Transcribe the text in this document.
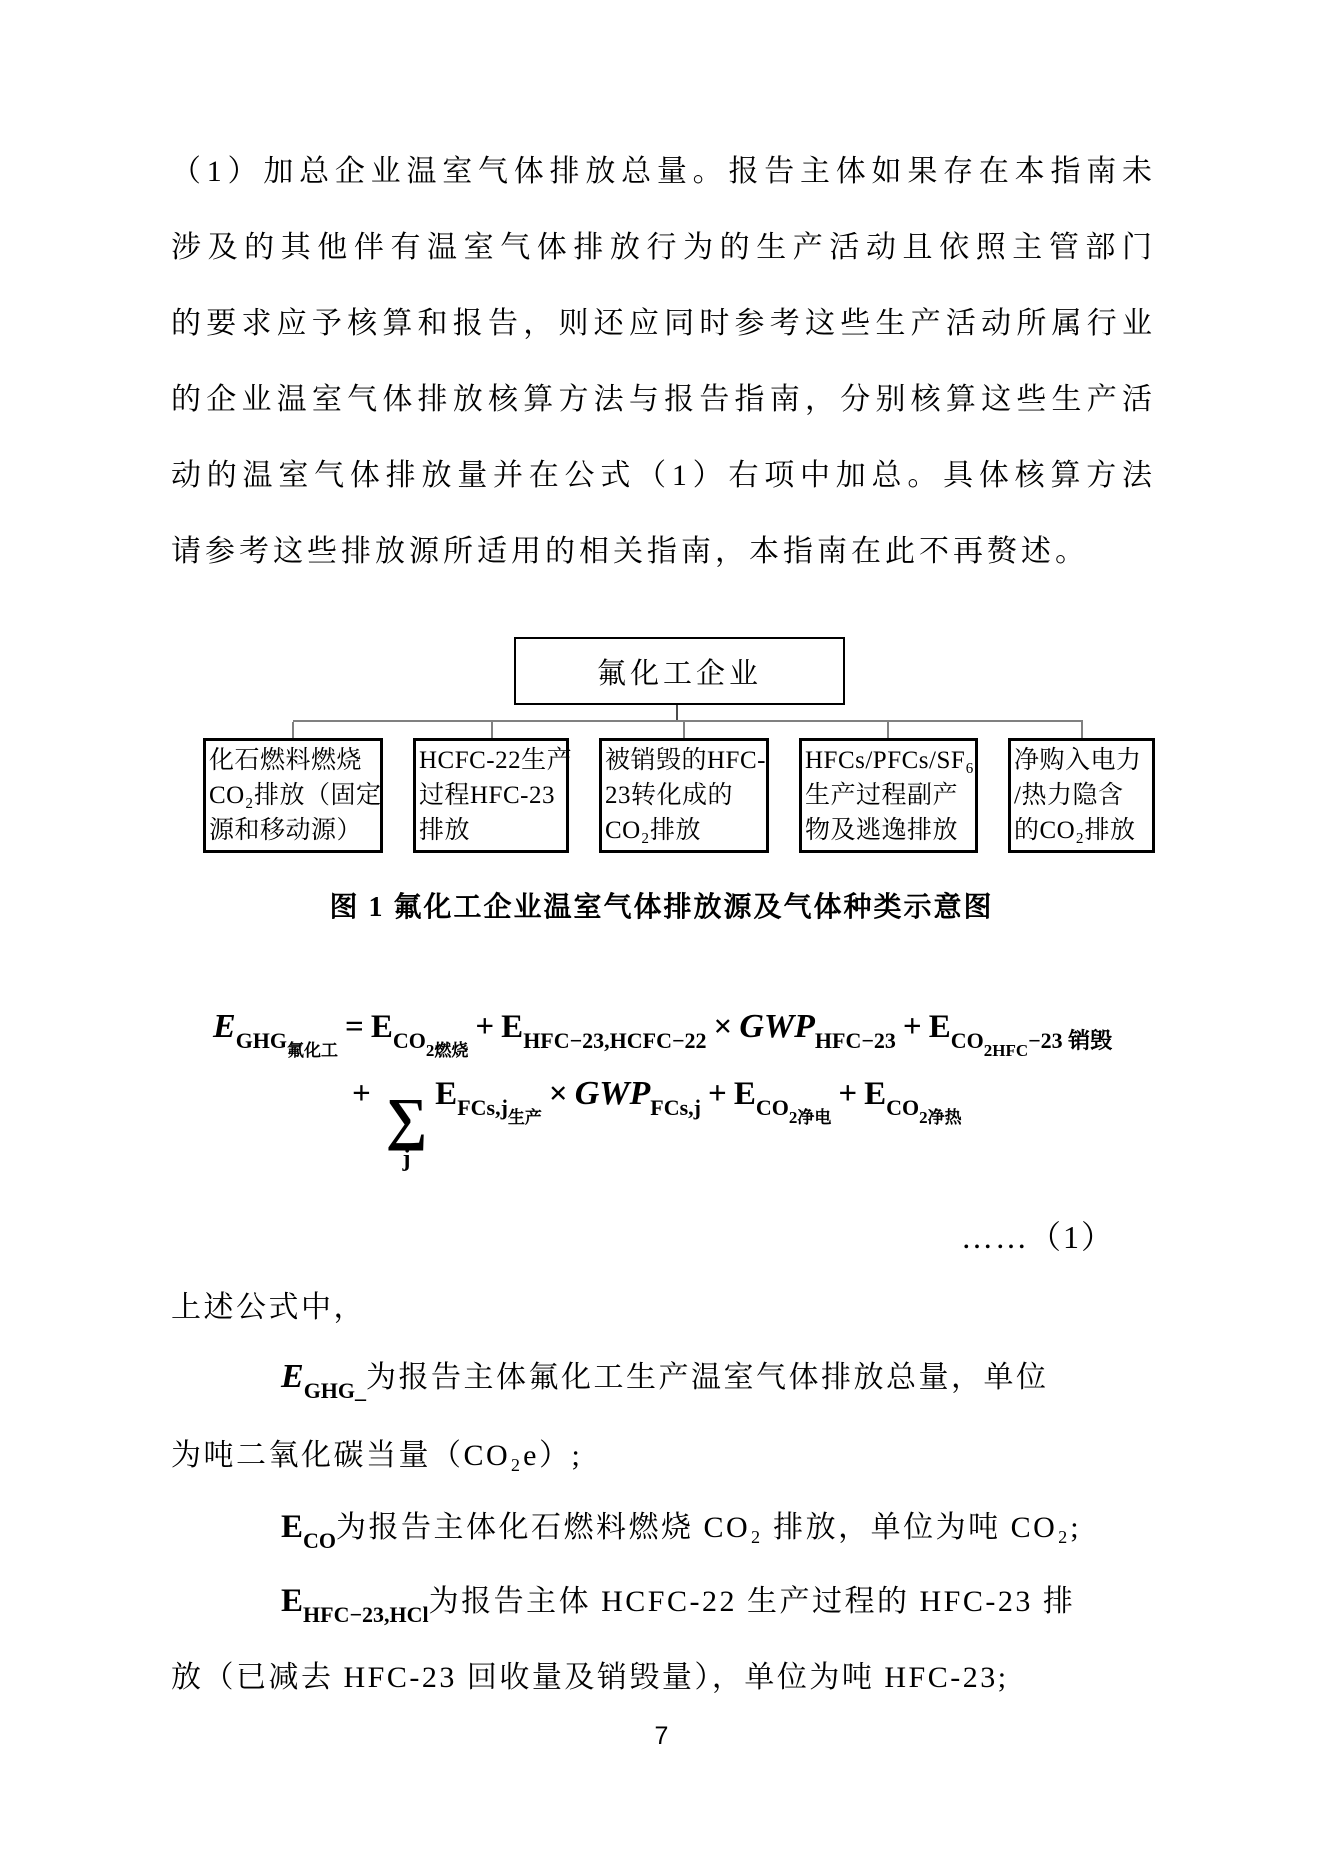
（1）加总企业温室气体排放总量。报告主体如果存在本指南未
涉及的其他伴有温室气体排放行为的生产活动且依照主管部门
的要求应予核算和报告，则还应同时参考这些生产活动所属行业
的企业温室气体排放核算方法与报告指南，分别核算这些生产活
动的温室气体排放量并在公式（1）右项中加总。具体核算方法
请参考这些排放源所适用的相关指南，本指南在此不再赘述。
氟化工企业
化石燃料燃烧
CO₂排放（固定
源和移动源）
HCFC-22生产
过程HFC-23
排放
被销毁的HFC-
23转化成的
CO₂排放
HFCs/PFCs/SF₆
生产过程副产
物及逃逸排放
净购入电力
/热力隐含
的CO₂排放
图 1 氟化工企业温室气体排放源及气体种类示意图
EGHG氟化工= ECO2燃烧+ EHFC−23,HCFC−22 × GWPHFC−23 + ECO2HFC−23 销毁
+ ∑
j
EFCs,j生产× GWPFCs,j + ECO2净电+ ECO2净热
……（1）
上述公式中，
$E_{GHG\_}$为报告主体氟化工生产温室气体排放总量，单位
为吨二氧化碳当量（CO₂e）;
$E_{CO}$为报告主体化石燃料燃烧 CO₂ 排放，单位为吨 CO₂;
$E_{HFC-23,HCl}$为报告主体 HCFC-22 生产过程的 HFC-23 排
放（已减去 HFC-23 回收量及销毁量），单位为吨 HFC-23;
7
